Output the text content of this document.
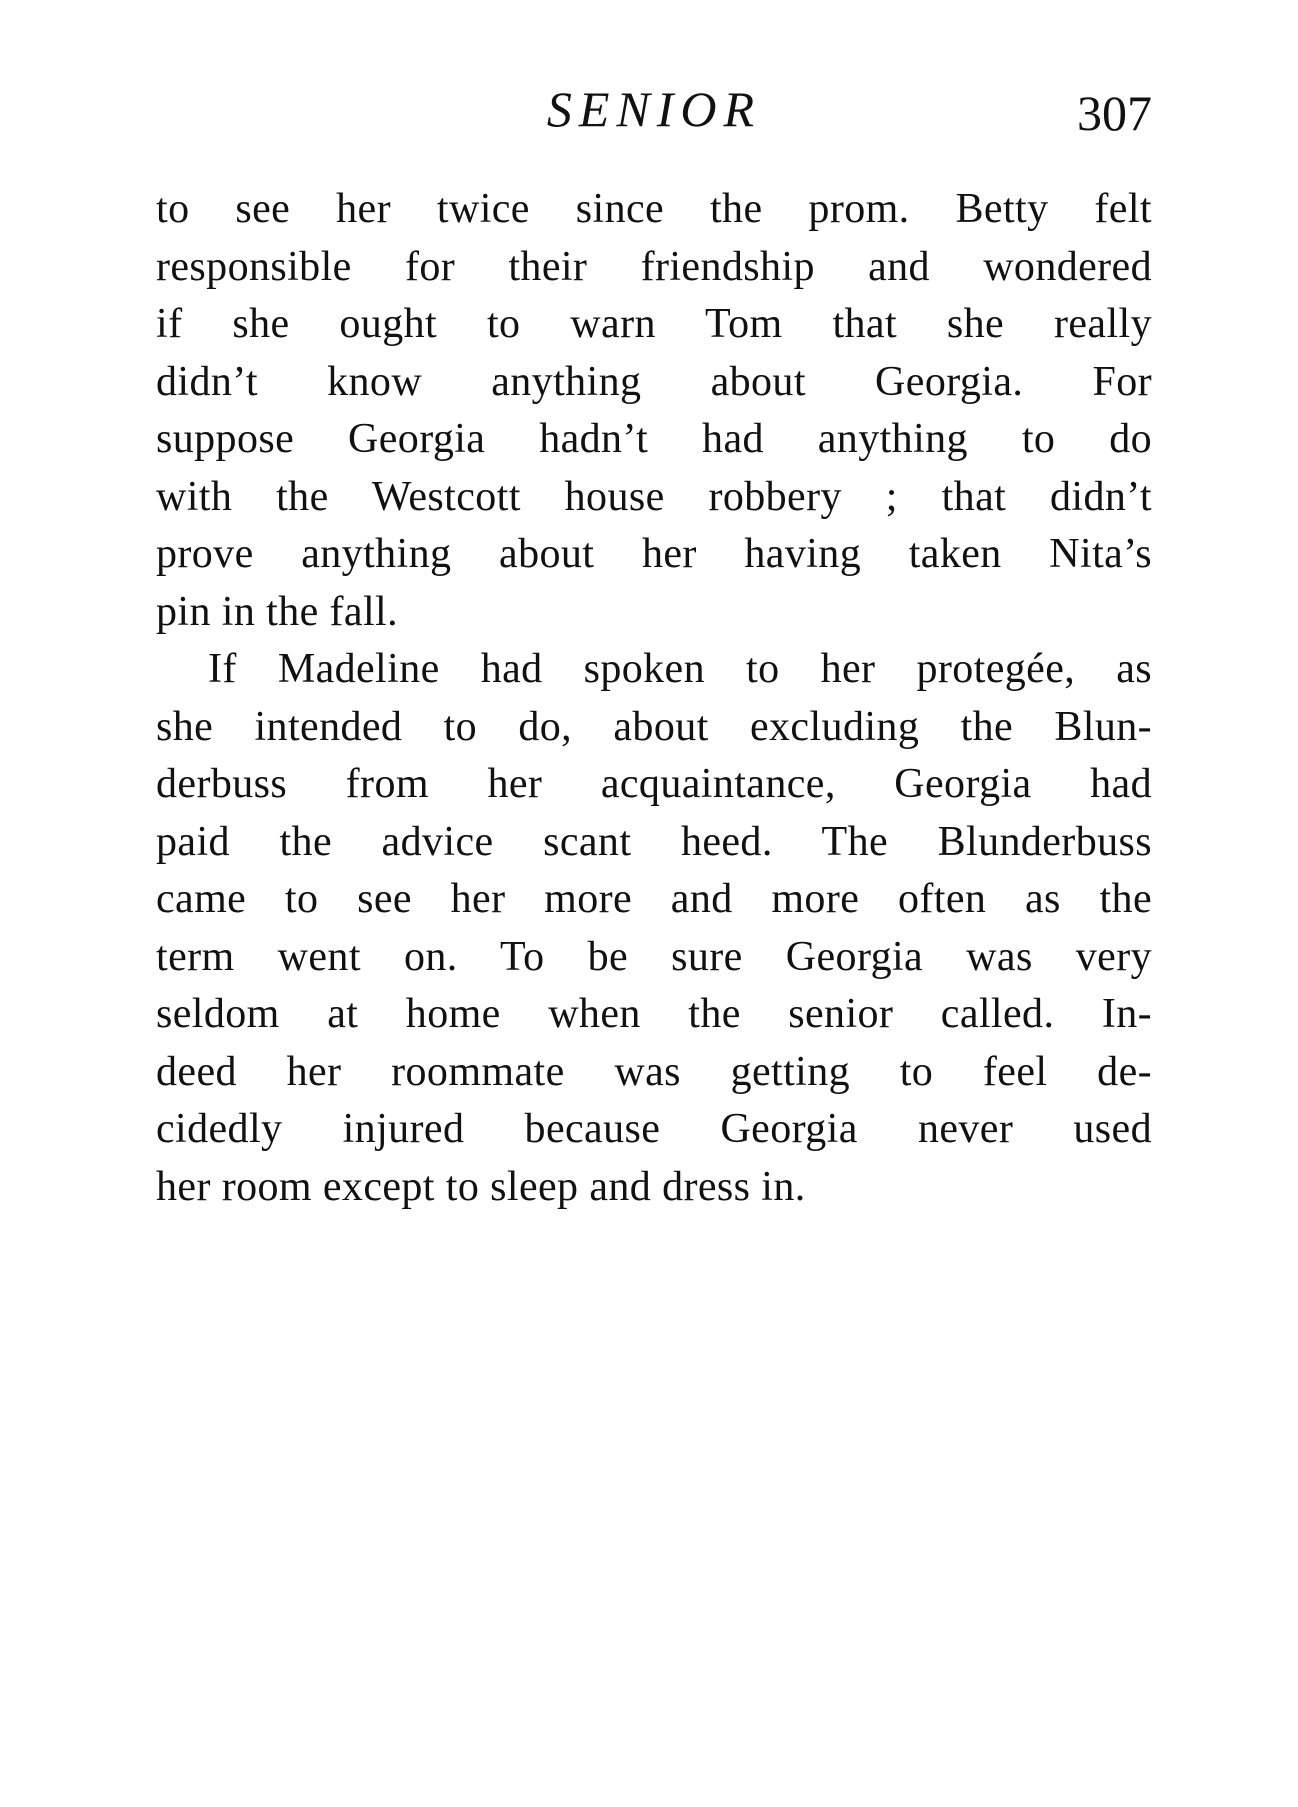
SENIOR	307

to see her twice since the prom. Betty felt
responsible for their friendship and wondered
if she ought to warn Tom that she really
didn’t know anything about Georgia. For
suppose Georgia hadn’t had anything to do
with the Westcott house robbery ; that didn’t
prove anything about her having taken Nita’s
pin in the fall.

If Madeline had spoken to her protegée, as
she intended to do, about excluding the Blun-
derbuss from her acquaintance, Georgia had
paid the advice scant heed. The Blunderbuss
came to see her more and more often as the
term went on. To be sure Georgia was very
seldom at home when the senior called. In-
deed her roommate was getting to feel de-
cidedly injured because Georgia never used
her room except to sleep and dress in.
